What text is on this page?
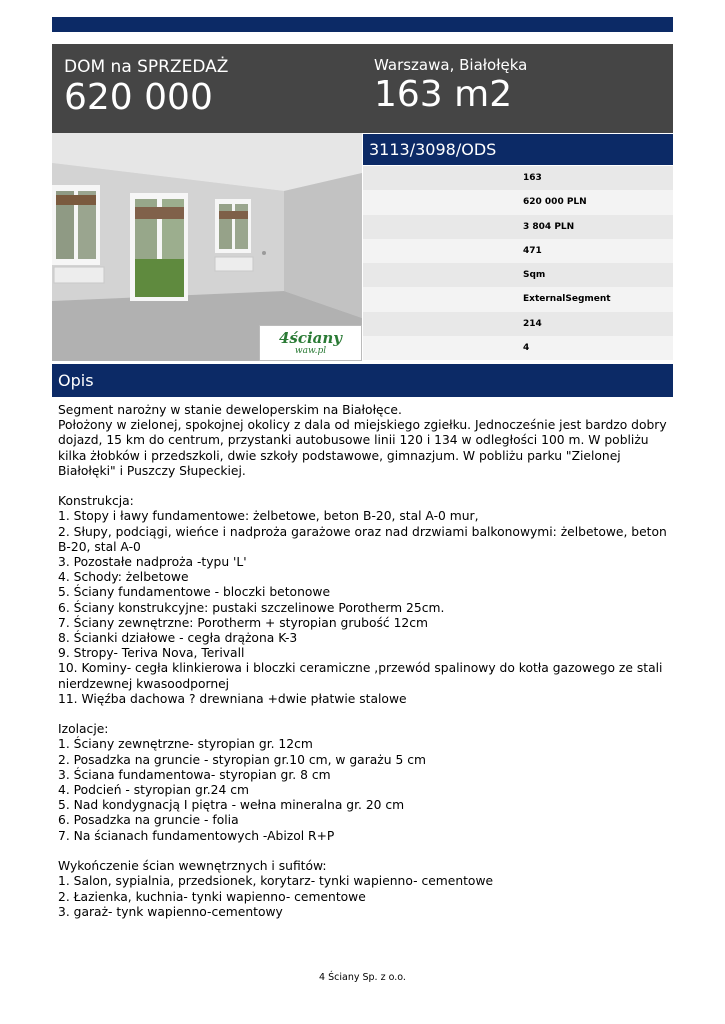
DOM na SPRZEDAŻ
620 000
Warszawa, Białołęka
163 m2
4ściany
waw.pl
3113/3098/ODS
163
620 000 PLN
3 804 PLN
471
Sqm
ExternalSegment
214
4
Opis
Segment narożny w stanie deweloperskim na Białołęce.
Położony w zielonej, spokojnej okolicy z dala od miejskiego zgiełku. Jednocześnie jest bardzo dobry dojazd, 15 km do centrum, przystanki autobusowe linii 120 i 134 w odległości 100 m. W pobliżu kilka żłobków i przedszkoli, dwie szkoły podstawowe, gimnazjum. W pobliżu parku "Zielonej Białołęki" i Puszczy Słupeckiej.

Konstrukcja:
1. Stopy i ławy fundamentowe: żelbetowe, beton B-20, stal A-0 mur,
2. Słupy, podciągi, wieńce i nadproża garażowe oraz nad drzwiami balkonowymi: żelbetowe, beton B-20, stal A-0
3. Pozostałe nadproża -typu 'L'
4. Schody: żelbetowe
5. Ściany fundamentowe - bloczki betonowe
6. Ściany konstrukcyjne: pustaki szczelinowe Porotherm 25cm.
7. Ściany zewnętrzne: Porotherm + styropian grubość 12cm
8. Ścianki działowe - cegła drążona K-3
9. Stropy- Teriva Nova, Terivall
10. Kominy- cegła klinkierowa i bloczki ceramiczne ,przewód spalinowy do kotła gazowego ze stali nierdzewnej kwasoodpornej
11. Więźba dachowa ? drewniana +dwie płatwie stalowe

Izolacje:
1. Ściany zewnętrzne- styropian gr. 12cm
2. Posadzka na gruncie - styropian gr.10 cm, w garażu 5 cm
3. Ściana fundamentowa- styropian gr. 8 cm
4. Podcień - styropian gr.24 cm
5. Nad kondygnacją I piętra - wełna mineralna gr. 20 cm
6. Posadzka na gruncie - folia
7. Na ścianach fundamentowych -Abizol R+P

Wykończenie ścian wewnętrznych i sufitów:
1. Salon, sypialnia, przedsionek, korytarz- tynki wapienno- cementowe
2. Łazienka, kuchnia- tynki wapienno- cementowe
3. garaż- tynk wapienno-cementowy
4 Ściany Sp. z o.o.
